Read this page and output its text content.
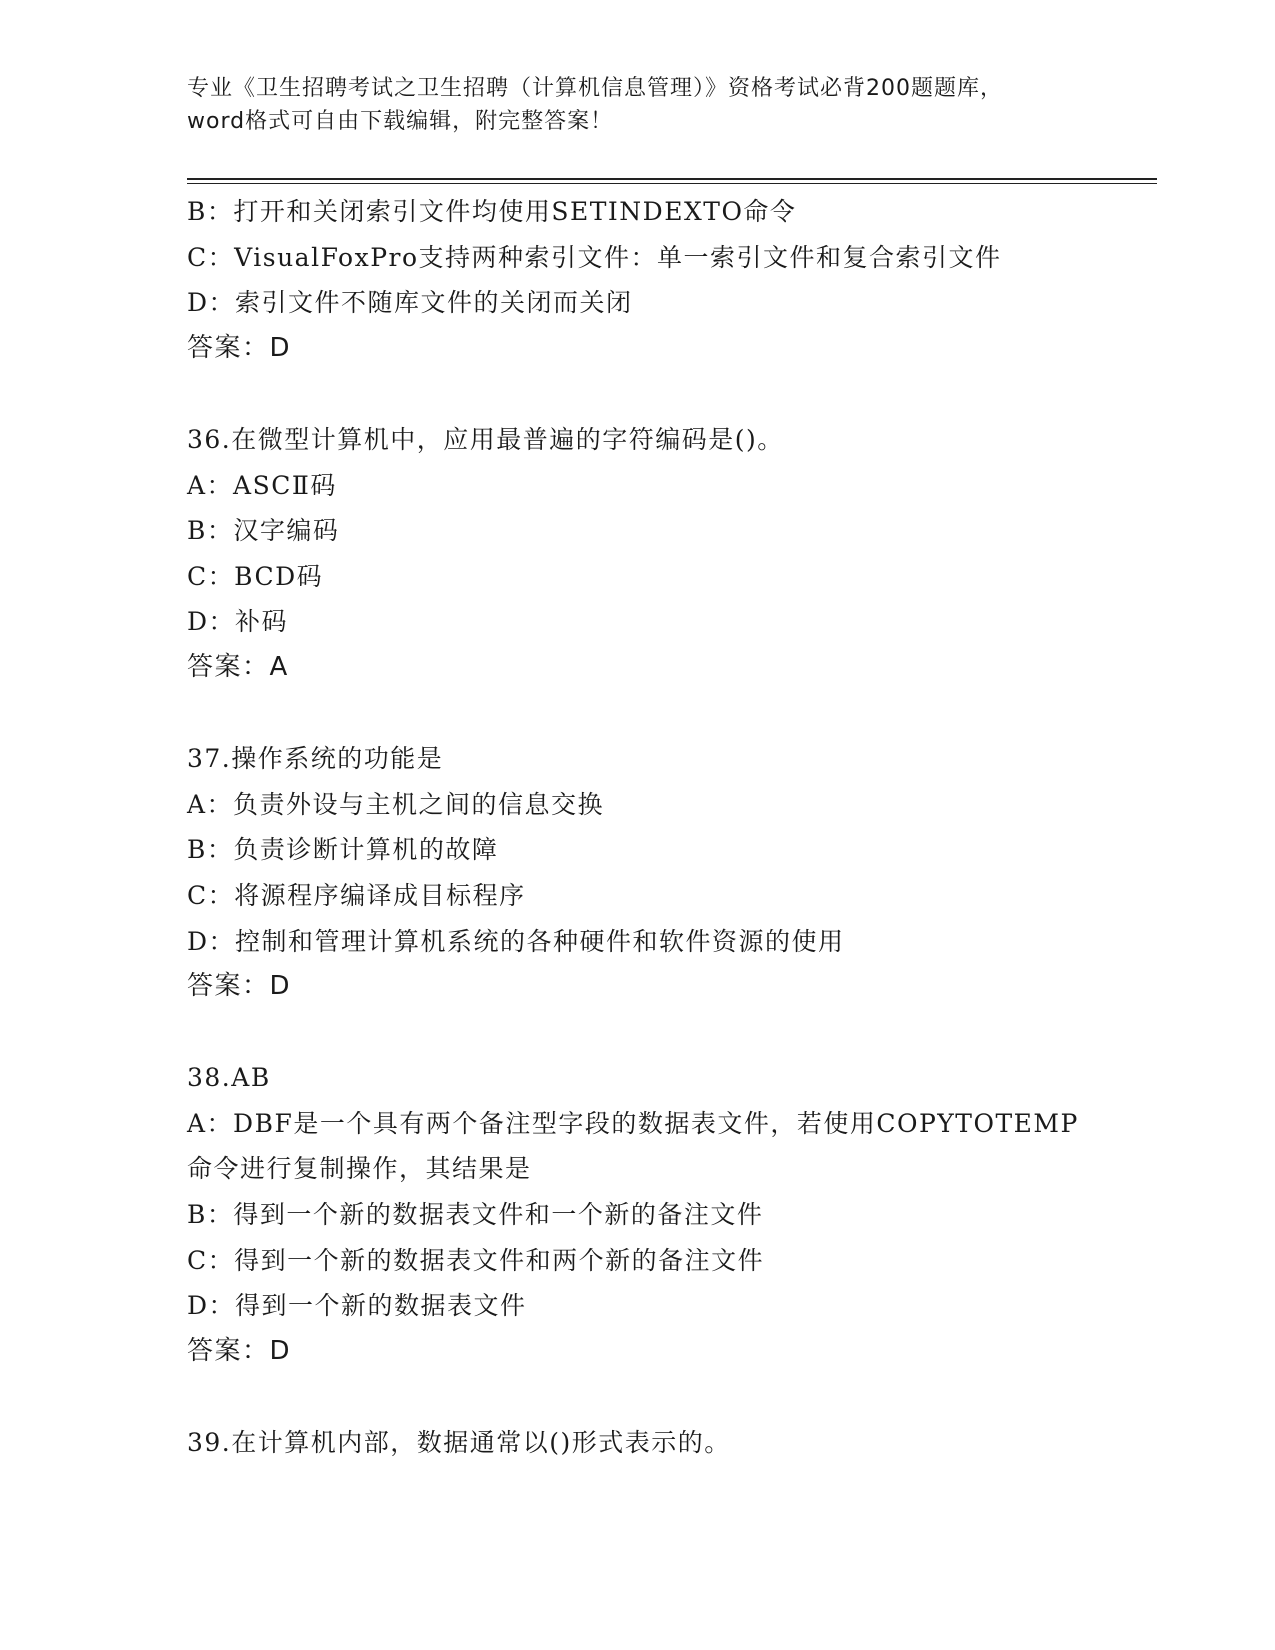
专业《卫生招聘考试之卫生招聘（计算机信息管理）》资格考试必背200题题库，
word格式可自由下载编辑，附完整答案！
B：打开和关闭索引文件均使用SETINDEXTO命令
C：VisualFoxPro支持两种索引文件：单一索引文件和复合索引文件
D：索引文件不随库文件的关闭而关闭
答案：D
36.在微型计算机中，应用最普遍的字符编码是()。
A：ASCⅡ码
B：汉字编码
C：BCD码
D：补码
答案：A
37.操作系统的功能是
A：负责外设与主机之间的信息交换
B：负责诊断计算机的故障
C：将源程序编译成目标程序
D：控制和管理计算机系统的各种硬件和软件资源的使用
答案：D
38.AB
A：DBF是一个具有两个备注型字段的数据表文件，若使用COPYTOTEMP
命令进行复制操作，其结果是
B：得到一个新的数据表文件和一个新的备注文件
C：得到一个新的数据表文件和两个新的备注文件
D：得到一个新的数据表文件
答案：D
39.在计算机内部，数据通常以()形式表示的。
